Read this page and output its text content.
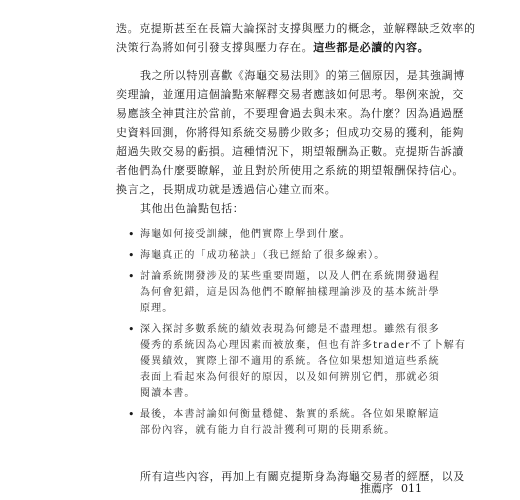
迭。克提斯甚至在長篇大論探討支撐與壓力的概念，並解釋缺乏效率的
決策行為將如何引發支撐與壓力存在。這些都是必讀的內容。
我之所以特別喜歡《海龜交易法則》的第三個原因，是其強調博
奕理論，並運用這個論點來解釋交易者應該如何思考。舉例來說，交
易應該全神貫注於當前，不要理會過去與未來。為什麼？因為過過歷
史資料回測，你將得知系統交易勝少敗多；但成功交易的獲利，能夠
超過失敗交易的虧損。這種情況下，期望報酬為正數。克提斯告訴讀
者他們為什麼要瞭解，並且對於所使用之系統的期望報酬保持信心。
換言之，長期成功就是透過信心建立而來。
其他出色論點包括：
• 海龜如何接受訓練，他們實際上學到什麼。
• 海龜真正的「成功秘訣」（我已經給了很多線索）。
• 討論系統開發涉及的某些重要問題，以及人們在系統開發過程
為何會犯錯，這是因為他們不瞭解抽樣理論涉及的基本統計學
原理。
• 深入探討多數系統的績效表現為何總是不盡理想。雖然有很多
優秀的系統因為心理因素而被放棄，但也有許多trader不了卜解有
優異績效，實際上卻不適用的系統。各位如果想知道這些系統
表面上看起來為何很好的原因，以及如何辨別它們，那就必須
閱讀本書。
• 最後，本書討論如何衡量穩健、紮實的系統。各位如果瞭解這
部份內容，就有能力自行設計獲利可期的長期系統。
所有這些內容，再加上有關克提斯身為海龜交易者的經歷，以及
推薦序 011
